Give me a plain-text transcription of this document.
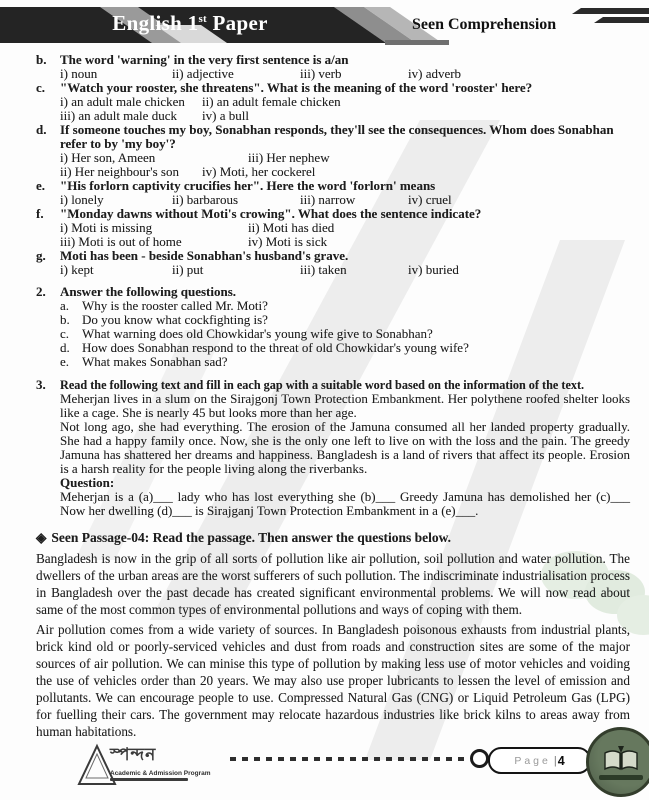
English 1st Paper	Seen Comprehension
b.	The word 'warning' in the very first sentence is a/an
i) noun	ii) adjective	iii) verb	iv) adverb
c.	"Watch your rooster, she threatens". What is the meaning of the word 'rooster' here?
i) an adult male chicken	ii) an adult female chicken
iii) an adult male duck	iv) a bull
d.	If someone touches my boy, Sonabhan responds, they'll see the consequences. Whom does Sonabhan refer to by 'my boy'?
i) Her son, Ameen	iii) Her nephew
ii) Her neighbour's son	iv) Moti, her cockerel
e.	"His forlorn captivity crucifies her". Here the word 'forlorn' means
i) lonely	ii) barbarous	iii) narrow	iv) cruel
f.	"Monday dawns without Moti's crowing". What does the sentence indicate?
i) Moti is missing	ii) Moti has died
iii) Moti is out of home	iv) Moti is sick
g.	Moti has been - beside Sonabhan's husband's grave.
i) kept	ii) put	iii) taken	iv) buried
2.	Answer the following questions.
a. Why is the rooster called Mr. Moti?
b. Do you know what cockfighting is?
c. What warning does old Chowkidar's young wife give to Sonabhan?
d. How does Sonabhan respond to the threat of old Chowkidar's young wife?
e. What makes Sonabhan sad?
3.	Read the following text and fill in each gap with a suitable word based on the information of the text.

Meherjan lives in a slum on the Sirajgonj Town Protection Embankment. Her polythene roofed shelter looks like a cage. She is nearly 45 but looks more than her age.

Not long ago, she had everything. The erosion of the Jamuna consumed all her landed property gradually. She had a happy family once. Now, she is the only one left to live on with the loss and the pain. The greedy Jamuna has shattered her dreams and happiness. Bangladesh is a land of rivers that affect its people. Erosion is a harsh reality for the people living along the riverbanks.

Question:

Meherjan is a (a)___ lady who has lost everything she (b)___ Greedy Jamuna has demolished her (c)___ Now her dwelling (d)___ is Sirajganj Town Protection Embankment in a (e)___.

◈ Seen Passage-04: Read the passage. Then answer the questions below.

Bangladesh is now in the grip of all sorts of pollution like air pollution, soil pollution and water pollution. The dwellers of the urban areas are the worst sufferers of such pollution. The indiscriminate industrialisation process in Bangladesh over the past decade has created significant environmental problems. We will now read about same of the most common types of environmental pollutions and ways of coping with them.

Air pollution comes from a wide variety of sources. In Bangladesh poisonous exhausts from industrial plants, brick kind old or poorly-serviced vehicles and dust from roads and construction sites are some of the major sources of air pollution. We can minise this type of pollution by making less use of motor vehicles and voiding the use of vehicles order than 20 years. We may also use proper lubricants to lessen the level of emission and pollutants. We can encourage people to use. Compressed Natural Gas (CNG) or Liquid Petroleum Gas (LPG) for fuelling their cars. The government may relocate hazardous industries like brick kilns to areas away from human habitations.

স্পন্দন
Academic & Admission Program
Page | 4
